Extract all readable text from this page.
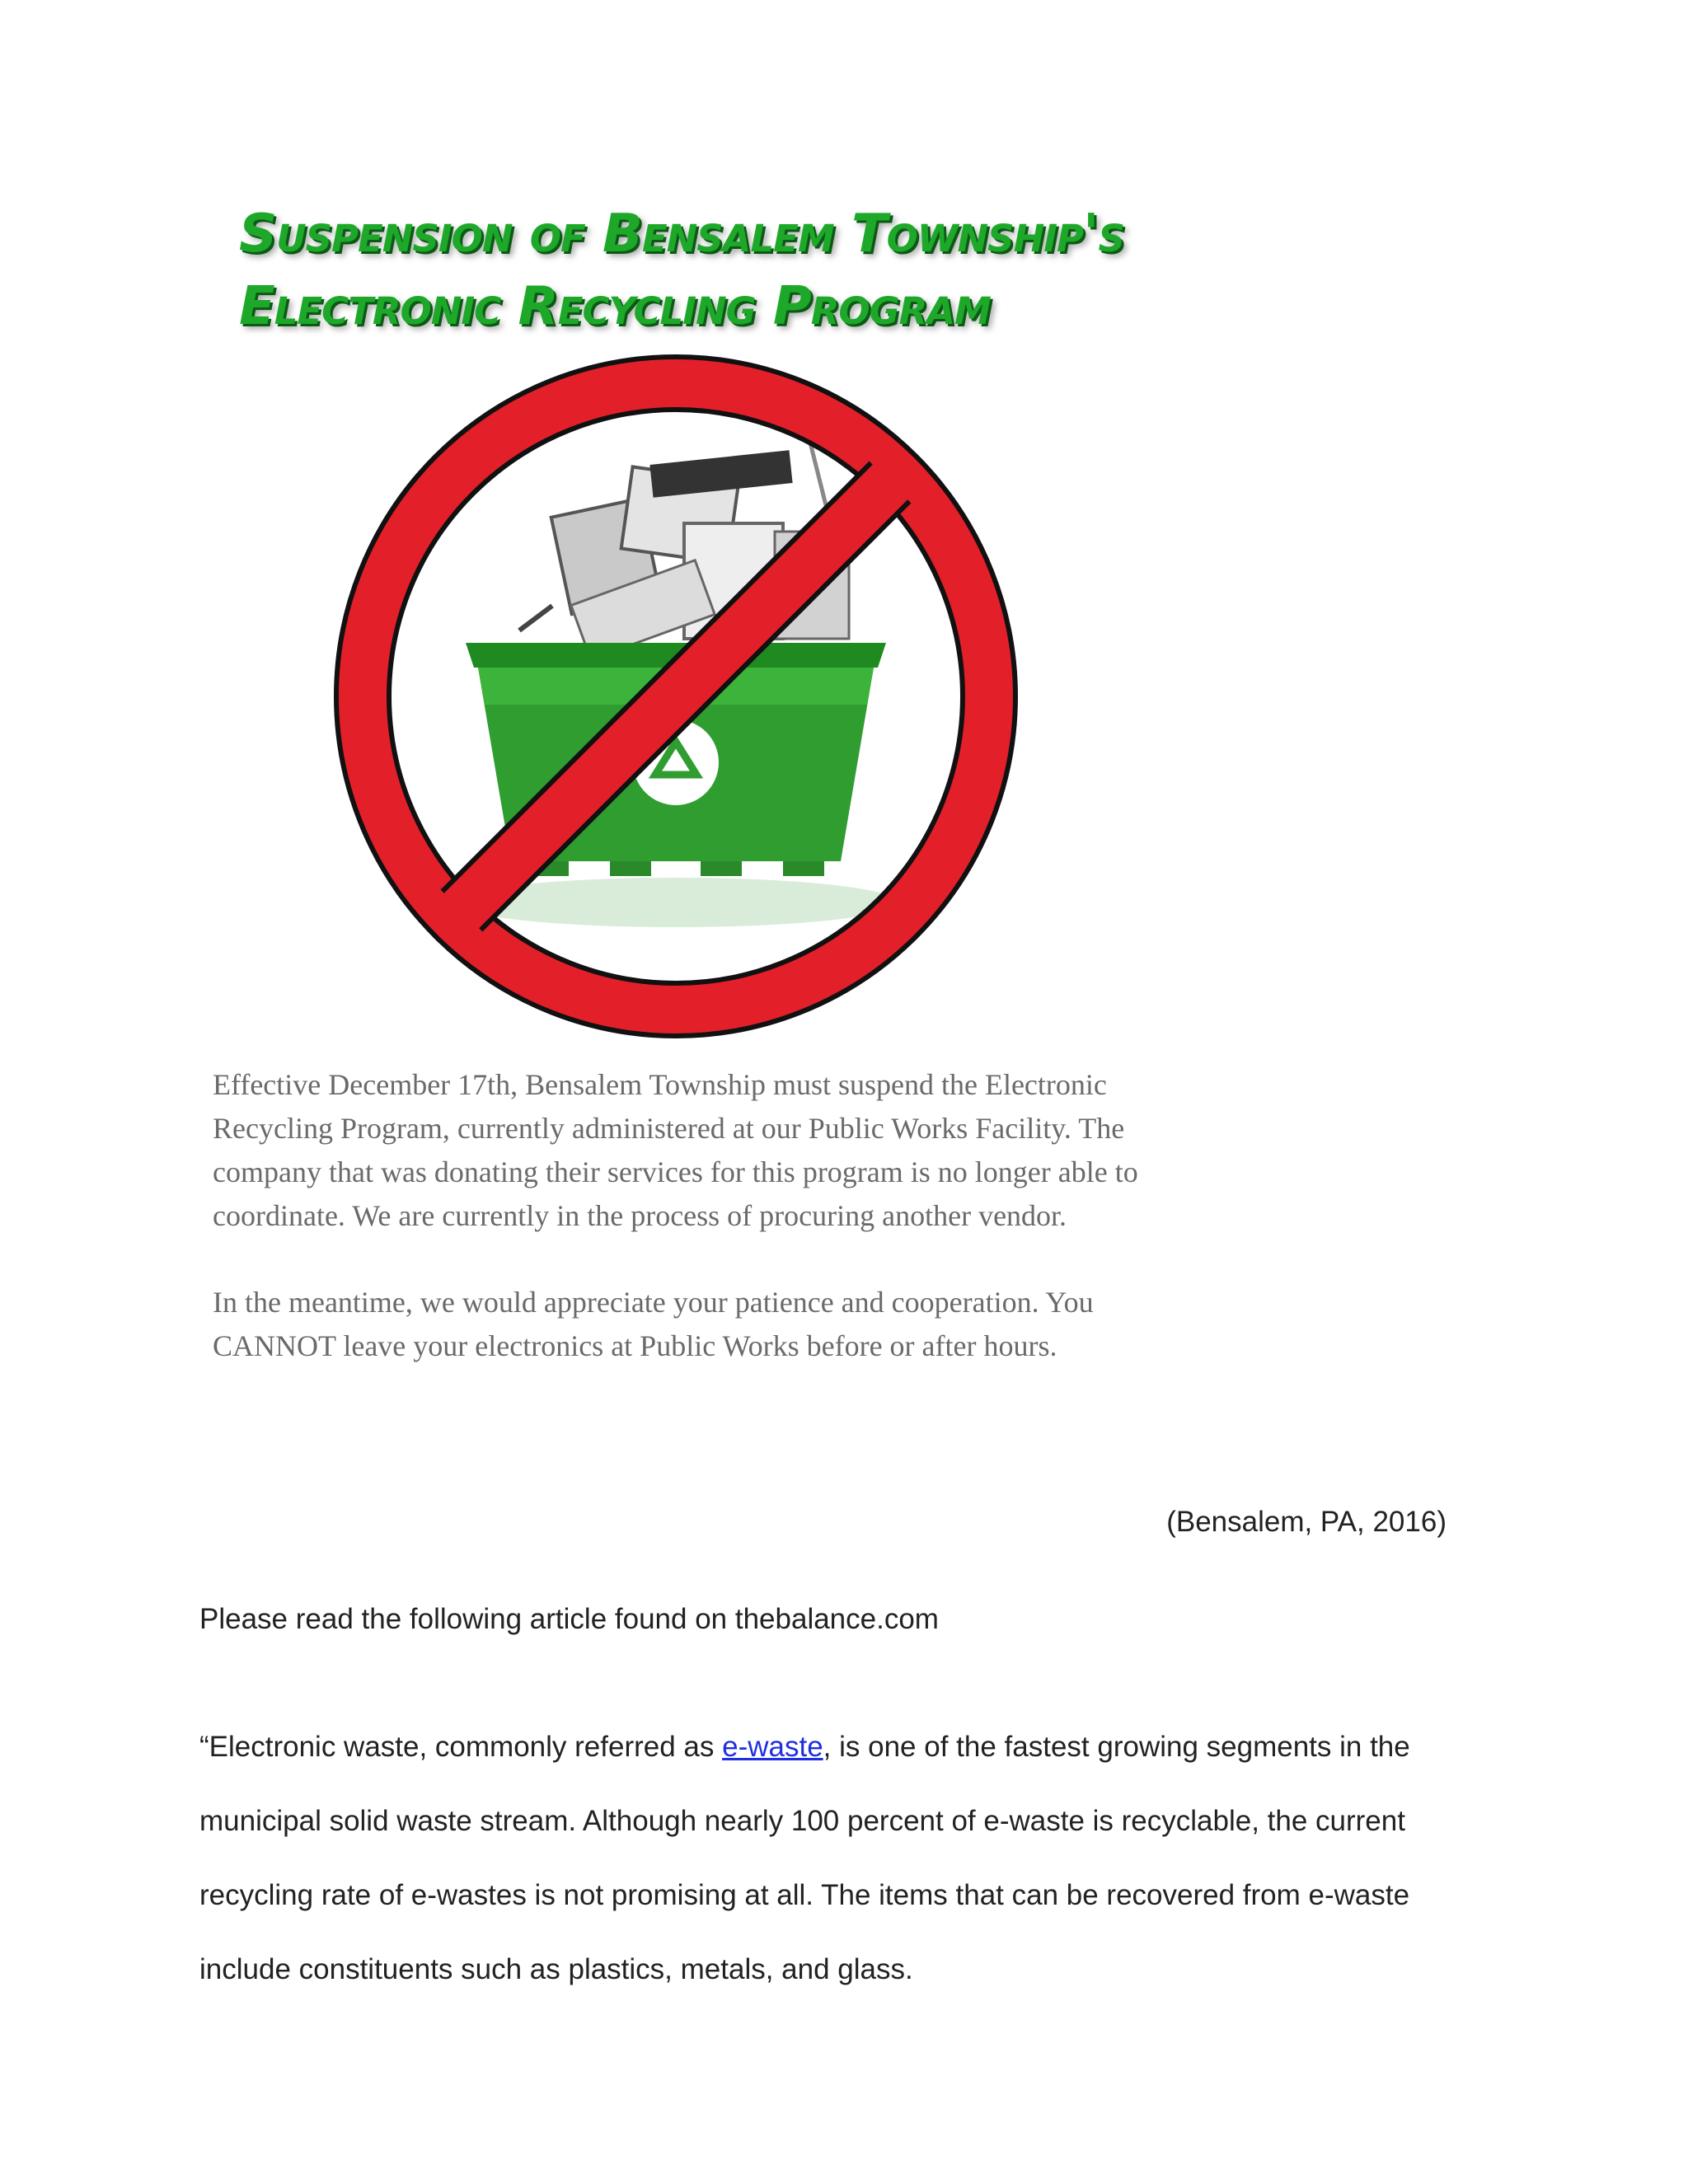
Suspension of Bensalem Township's
Electronic Recycling Program

Effective December 17th, Bensalem Township must suspend the Electronic Recycling Program, currently administered at our Public Works Facility. The company that was donating their services for this program is no longer able to coordinate. We are currently in the process of procuring another vendor.

In the meantime, we would appreciate your patience and cooperation. You CANNOT leave your electronics at Public Works before or after hours.

(Bensalem, PA, 2016)
Please read the following article found on thebalance.com
“Electronic waste, commonly referred as e-waste, is one of the fastest growing segments in the municipal solid waste stream. Although nearly 100 percent of e-waste is recyclable, the current recycling rate of e-wastes is not promising at all. The items that can be recovered from e-waste include constituents such as plastics, metals, and glass.
